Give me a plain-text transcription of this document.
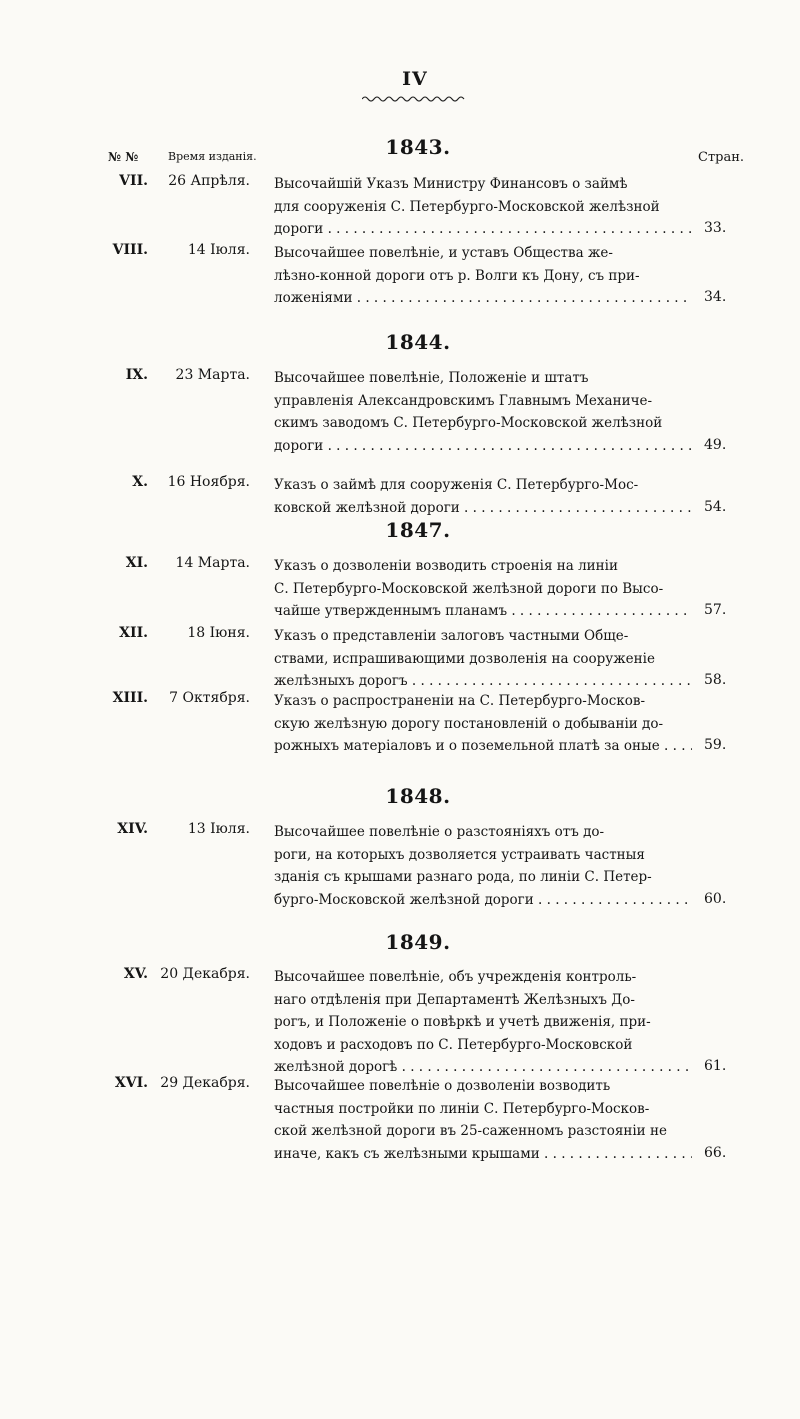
IV
№ №	Время изданія.	Стран.
1843.
VII. 26 Апрѣля. Высочайшій Указъ Министру Финансовъ о займѣ
для сооруженія С. Петербурго-Московской желѣзной
дороги . . .	33.
VIII.	14 Іюля. Высочайшее повелѣніе, и уставъ Общества же-
лѣзно-конной дороги отъ р. Волги къ Дону, съ при-
ложеніями . . .	34.
1844.
IX. 23 Марта. Высочайшее повелѣніе, Положеніе и штатъ
управленія Александровскимъ Главнымъ Механиче-
скимъ заводомъ С. Петербурго-Московской желѣзной
дороги . . .	49.
X. 16 Ноября. Указъ о займѣ для сооруженія С. Петербурго-Мос-
ковской желѣзной дороги . . .	54.
1847.
XI. 14 Марта. Указъ о дозволеніи возводить строенія на линіи
С. Петербурго-Московской желѣзной дороги по Высо-
чайше утвержденнымъ планамъ . . .	57.
XII.	18 Іюня. Указъ о представленіи залоговъ частными Обще-
ствами, испрашивающими дозволенія на сооруженіе
желѣзныхъ дорогъ . . .	58.
XIII. 7 Октября. Указъ о распространеніи на С. Петербурго-Москов-
скую желѣзную дорогу постановленій о добываніи до-
рожныхъ матеріаловъ и о поземельной платѣ за оные . . .	59.
1848.
XIV.	13 Іюля. Высочайшее повелѣніе о разстояніяхъ отъ до-
роги, на которыхъ дозволяется устраивать частныя
зданія съ крышами разнаго рода, по линіи С. Петер-
бурго-Московской желѣзной дороги . . .	60.
1849.
XV. 20 Декабря. Высочайшее повелѣніе, объ учрежденія контроль-
наго отдѣленія при Департаментѣ Желѣзныхъ До-
рогъ, и Положеніе о повѣркѣ и учетѣ движенія, при-
ходовъ и расходовъ по С. Петербурго-Московской
желѣзной дорогѣ . . .	61.
XVI. 29 Декабря. Высочайшее повелѣніе о дозволеніи возводить
частныя постройки по линіи С. Петербурго-Москов-
ской желѣзной дороги въ 25-саженномъ разстояніи не
иначе, какъ съ желѣзными крышами . . .	66.
